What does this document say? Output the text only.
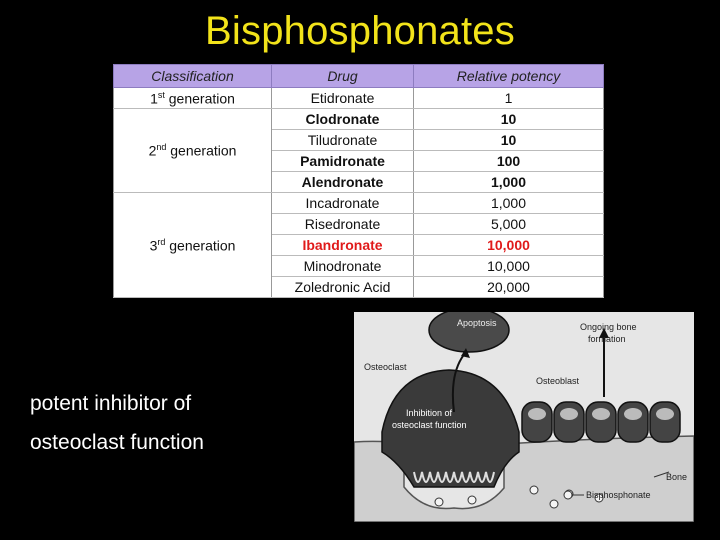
Bisphosphonates
Classification	Drug	Relative potency
1st generation	Etidronate	1
2nd generation	Clodronate	10
	Tiludronate	10
	Pamidronate	100
	Alendronate	1,000
3rd generation	Incadronate	1,000
	Risedronate	5,000
	Ibandronate	10,000
	Minodronate	10,000
	Zoledronic Acid	20,000

potent inhibitor of

osteoclast function

Apoptosis	Ongoing bone
formation
Osteoclast
Osteoblast
Inhibition of
osteoclast function
Bone
Bisphosphonate
